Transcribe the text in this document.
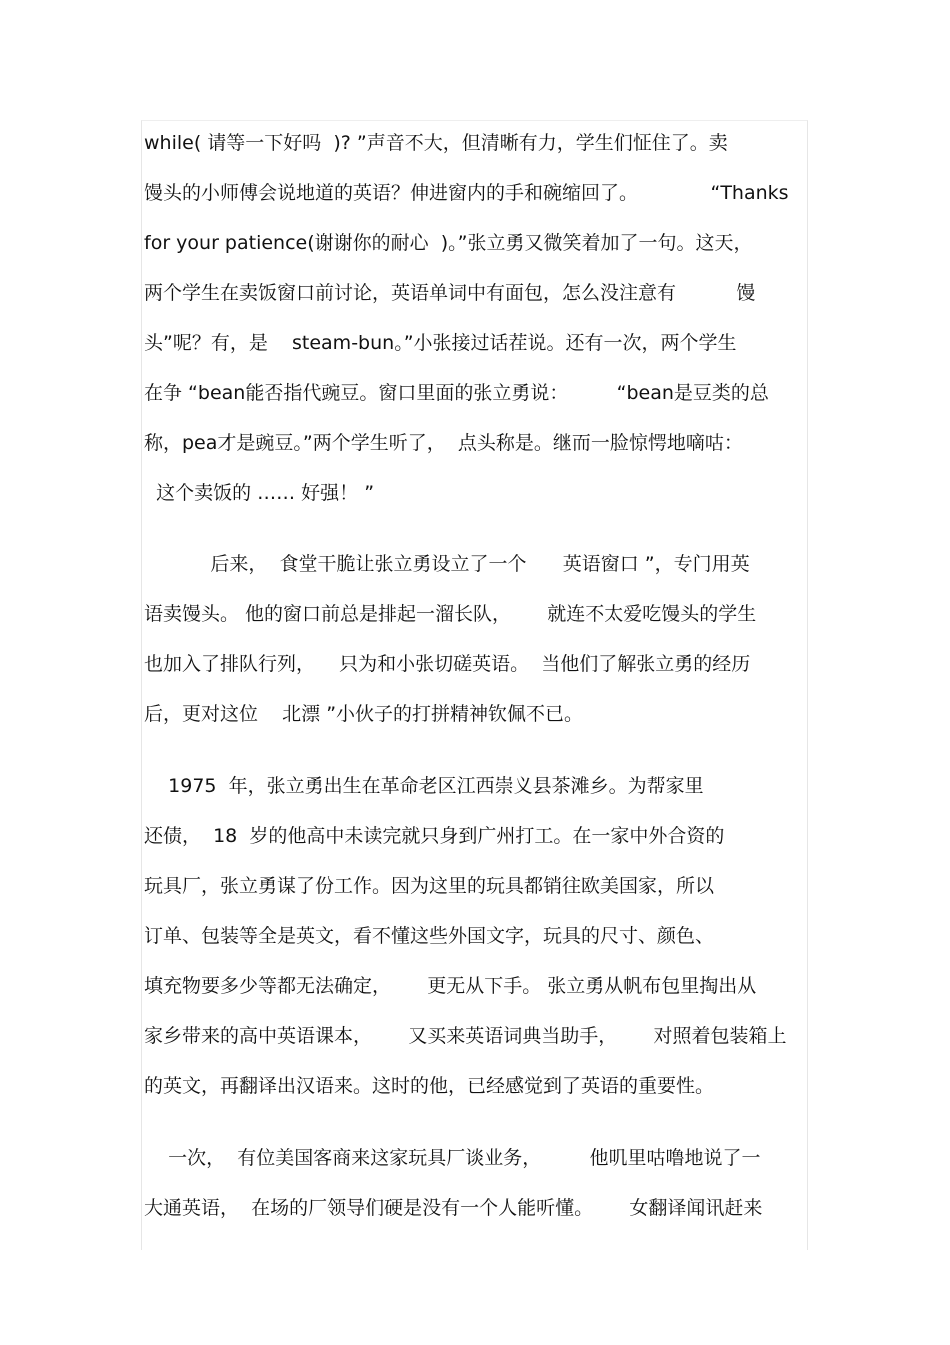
while( 请等一下好吗  )? ”声音不大，但清晰有力，学生们怔住了。卖
馒头的小师傅会说地道的英语？伸进窗内的手和碗缩回了。            “Thanks
for your patience(谢谢你的耐心  )。”张立勇又微笑着加了一句。这天，
两个学生在卖饭窗口前讨论，英语单词中有面包，怎么没注意有          馒
头”呢？有，是    steam-bun。”小张接过话茬说。还有一次，两个学生
在争 “bean能否指代豌豆。窗口里面的张立勇说：        “bean是豆类的总
称，pea才是豌豆。”两个学生听了，  点头称是。继而一脸惊愕地嘀咕：
这个卖饭的 …… 好强！ ”
后来，  食堂干脆让张立勇设立了一个      英语窗口 ”，专门用英
语卖馒头。 他的窗口前总是排起一溜长队，      就连不太爱吃馒头的学生
也加入了排队行列，    只为和小张切磋英语。  当他们了解张立勇的经历
后，更对这位    北漂 ”小伙子的打拼精神钦佩不已。
1975  年，张立勇出生在革命老区江西崇义县茶滩乡。为帮家里
还债，  18  岁的他高中未读完就只身到广州打工。在一家中外合资的
玩具厂，张立勇谋了份工作。因为这里的玩具都销往欧美国家，所以
订单、包装等全是英文，看不懂这些外国文字，玩具的尺寸、颜色、
填充物要多少等都无法确定，      更无从下手。 张立勇从帆布包里掏出从
家乡带来的高中英语课本，      又买来英语词典当助手，      对照着包装箱上
的英文，再翻译出汉语来。这时的他，已经感觉到了英语的重要性。
一次，  有位美国客商来这家玩具厂谈业务，        他叽里咕噜地说了一
大通英语，  在场的厂领导们硬是没有一个人能听懂。      女翻译闻讯赶来
